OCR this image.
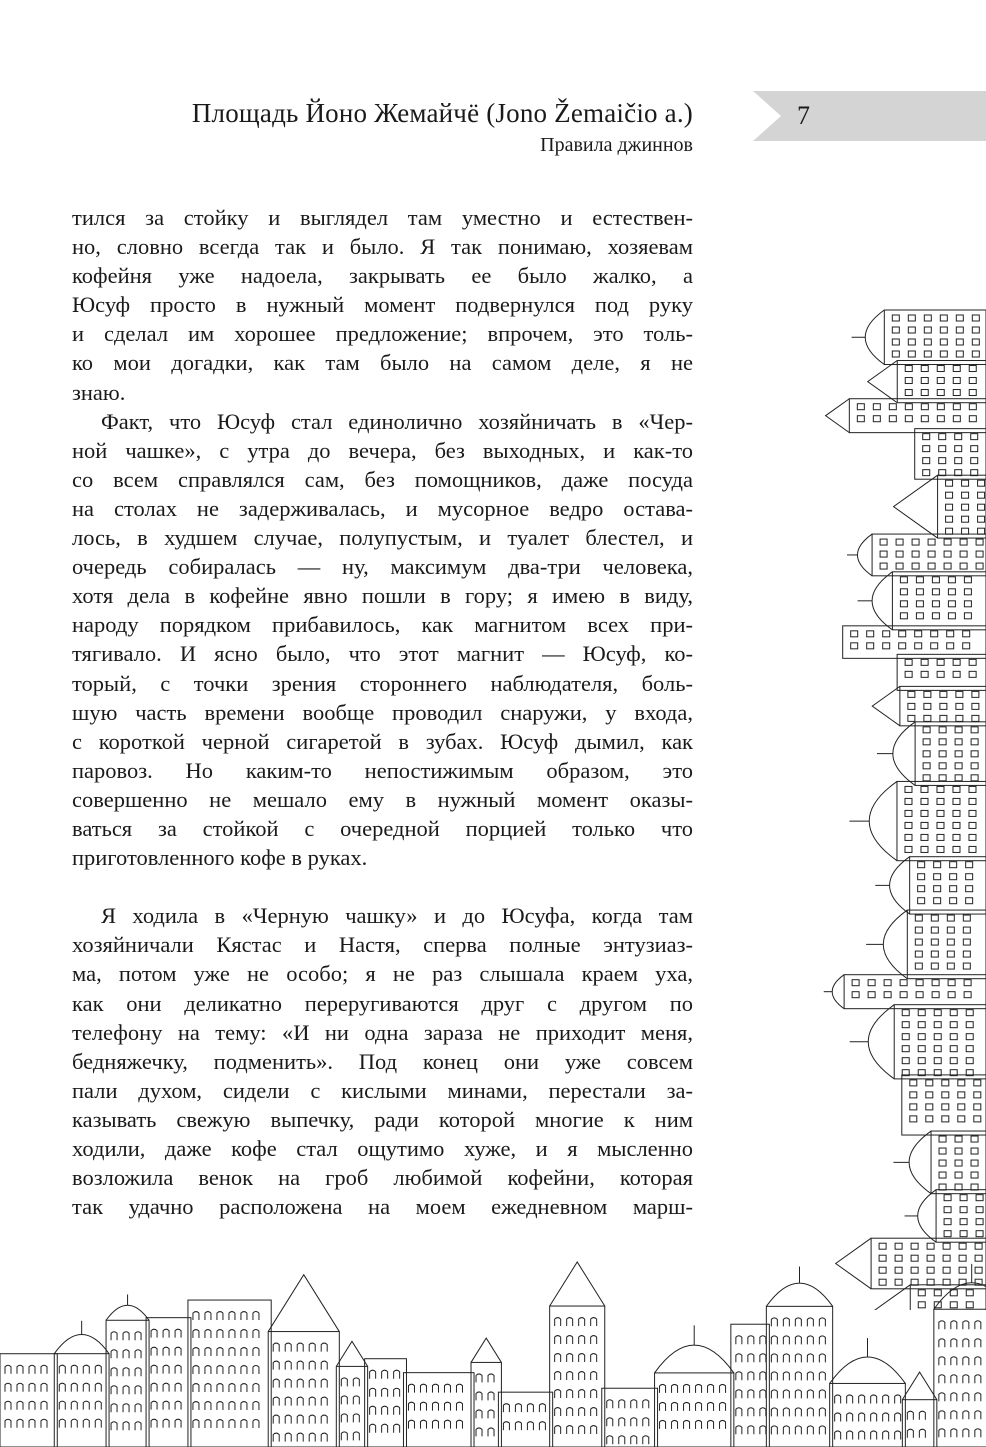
Площадь Йоно Жемайчё (Jono Žemaičio a.)
Правила джиннов
7
тился за стойку и выглядел там уместно и естествен-
но, словно всегда так и было. Я так понимаю, хозяевам
кофейня уже надоела, закрывать ее было жалко, а
Юсуф просто в нужный момент подвернулся под руку
и сделал им хорошее предложение; впрочем, это толь-
ко мои догадки, как там было на самом деле, я не
знаю.
Факт, что Юсуф стал единолично хозяйничать в «Чер-
ной чашке», с утра до вечера, без выходных, и как-то
со всем справлялся сам, без помощников, даже посуда
на столах не задерживалась, и мусорное ведро остава-
лось, в худшем случае, полупустым, и туалет блестел, и
очередь собиралась — ну, максимум два-три человека,
хотя дела в кофейне явно пошли в гору; я имею в виду,
народу порядком прибавилось, как магнитом всех при-
тягивало. И ясно было, что этот магнит — Юсуф, ко-
торый, с точки зрения стороннего наблюдателя, боль-
шую часть времени вообще проводил снаружи, у входа,
с короткой черной сигаретой в зубах. Юсуф дымил, как
паровоз. Но каким-то непостижимым образом, это
совершенно не мешало ему в нужный момент оказы-
ваться за стойкой с очередной порцией только что
приготовленного кофе в руках.
Я ходила в «Черную чашку» и до Юсуфа, когда там
хозяйничали Кястас и Настя, сперва полные энтузиаз-
ма, потом уже не особо; я не раз слышала краем уха,
как они деликатно переругиваются друг с другом по
телефону на тему: «И ни одна зараза не приходит меня,
бедняжечку, подменить». Под конец они уже совсем
пали духом, сидели с кислыми минами, перестали за-
казывать свежую выпечку, ради которой многие к ним
ходили, даже кофе стал ощутимо хуже, и я мысленно
возложила венок на гроб любимой кофейни, которая
так удачно расположена на моем ежедневном марш-
